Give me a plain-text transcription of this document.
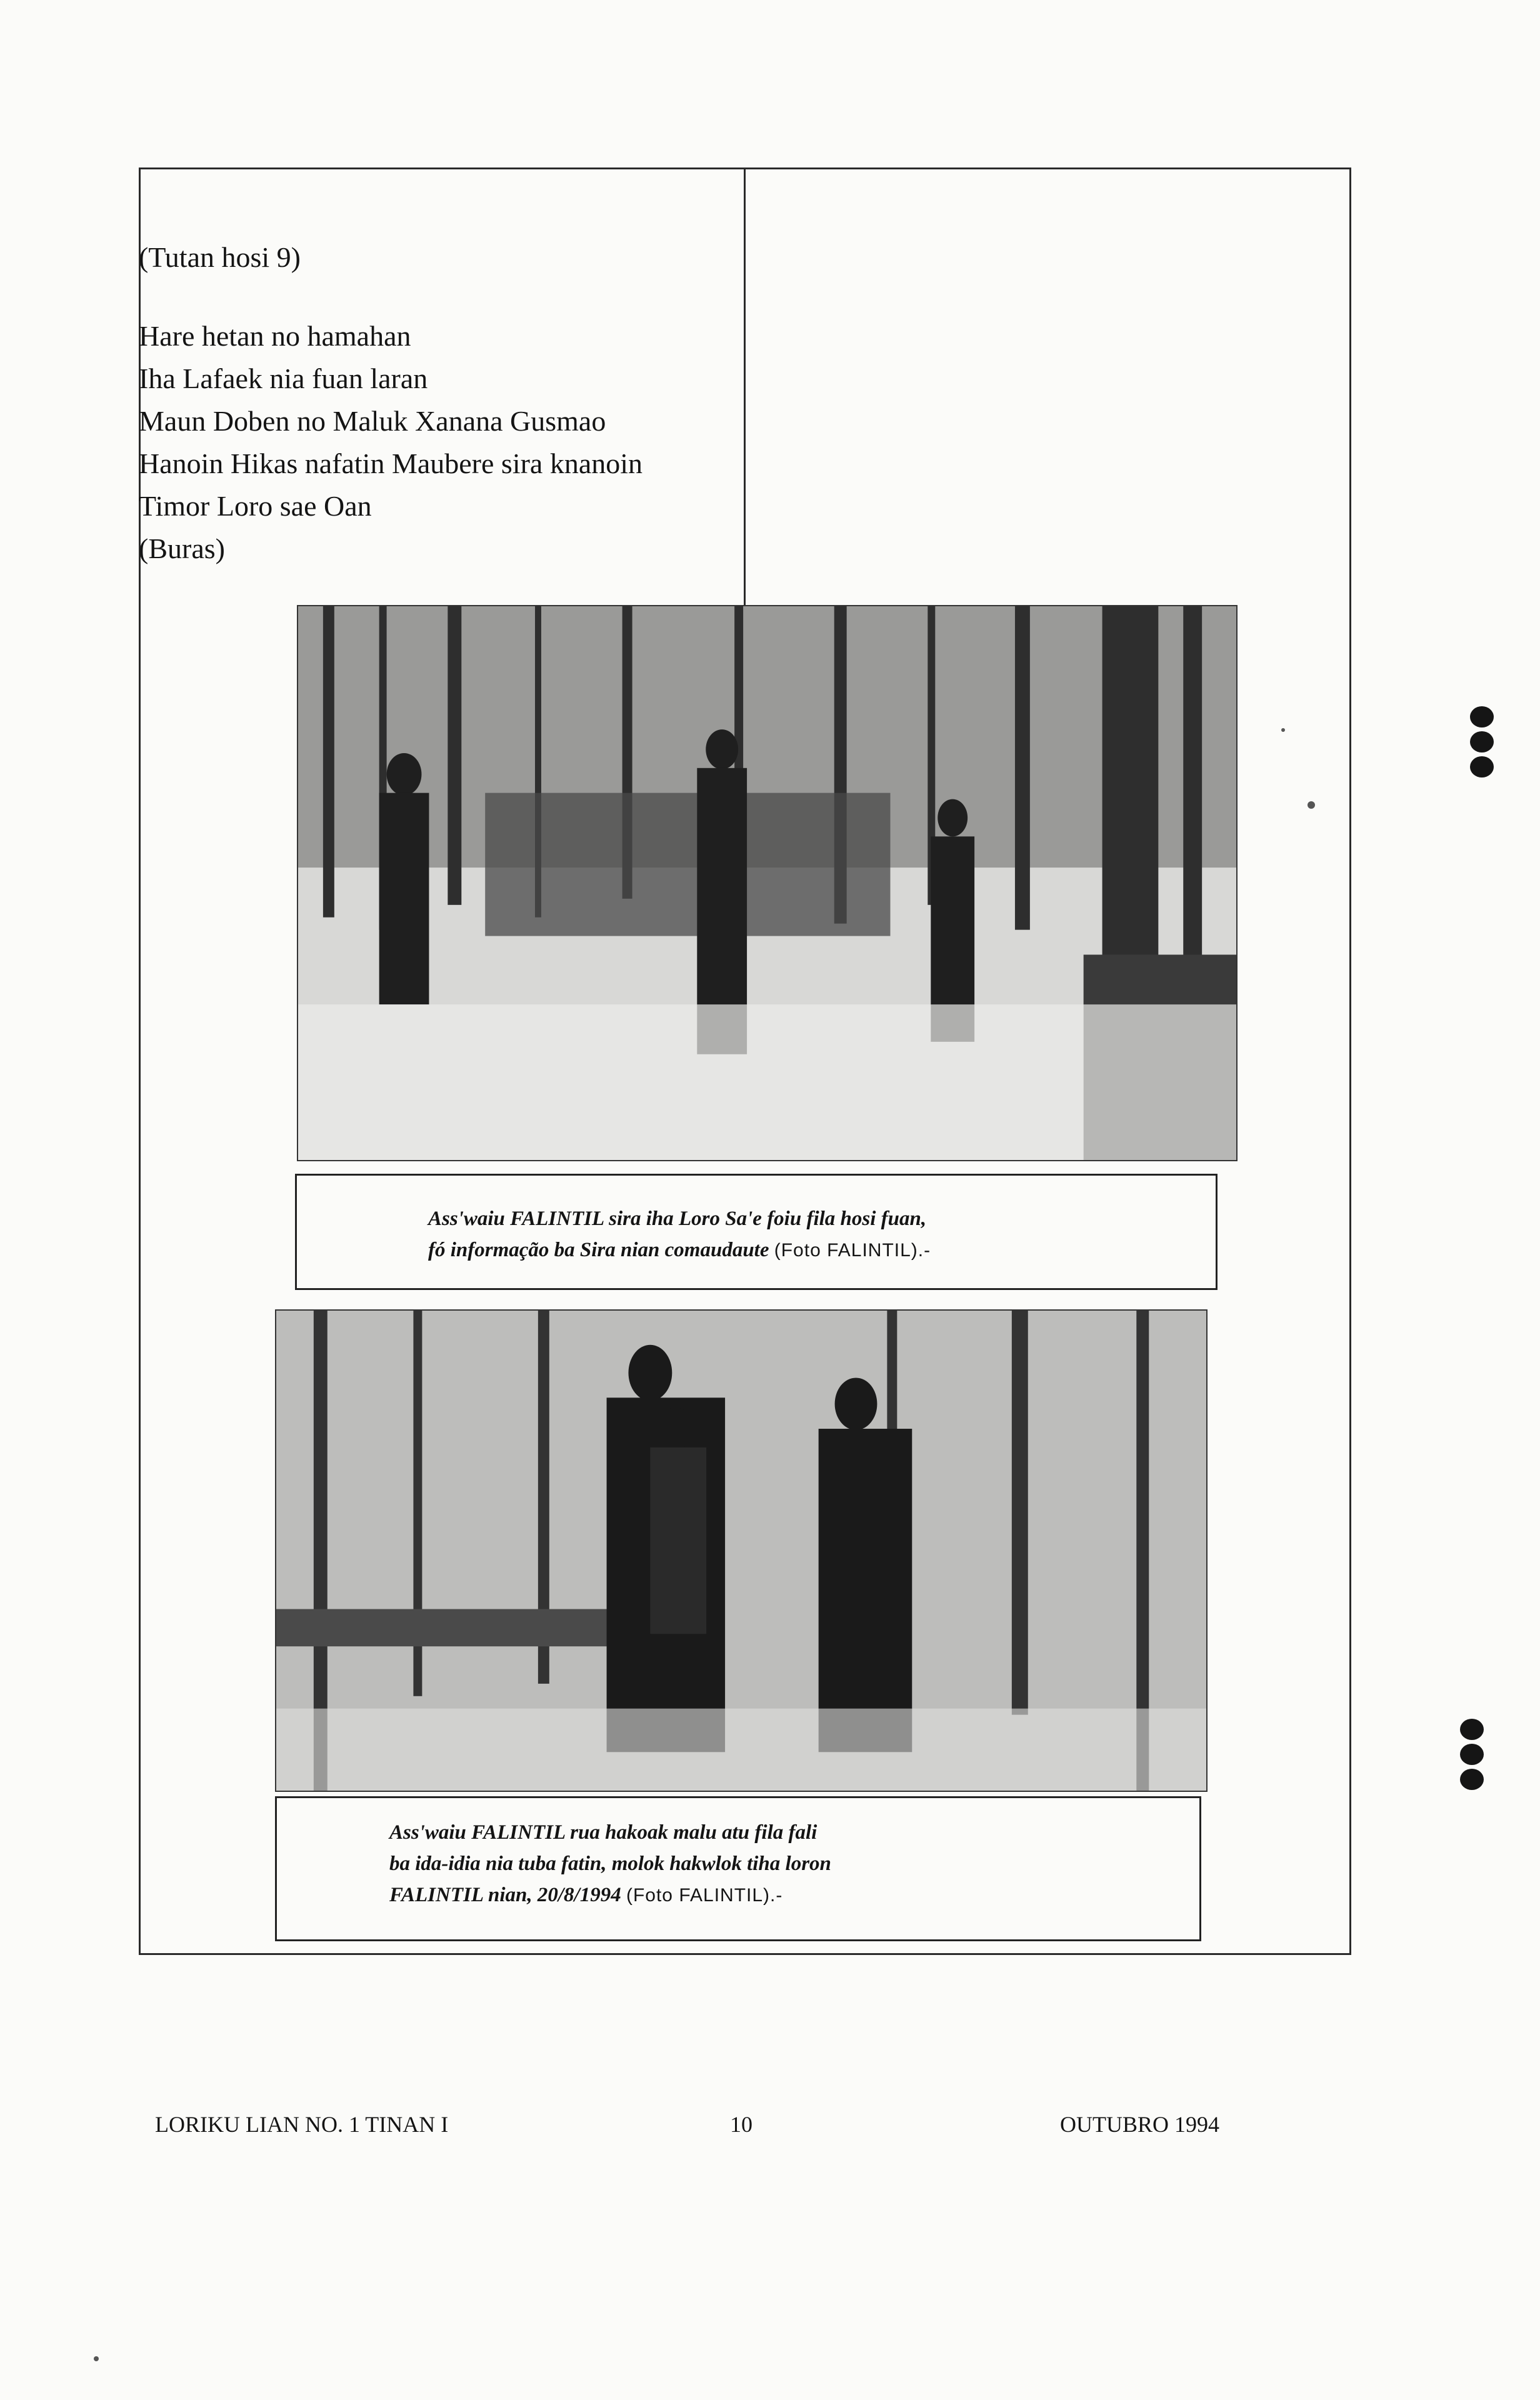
(Tutan hosi 9)
Hare hetan no hamahan
Iha Lafaek nia fuan laran
Maun Doben no Maluk Xanana Gusmao
Hanoin Hikas nafatin Maubere sira knanoin
Timor Loro sae Oan
(Buras)
Ass'waiu FALINTIL sira iha Loro Sa'e foiu fila hosi fuan,
fó informação ba Sira nian comaudaute (Foto FALINTIL).-
Ass'waiu FALINTIL rua hakoak malu atu fila fali
ba ida-idia nia tuba fatin, molok hakwlok tiha loron
FALINTIL nian, 20/8/1994 (Foto FALINTIL).-
LORIKU LIAN NO. 1 TINAN I	10	OUTUBRO 1994
